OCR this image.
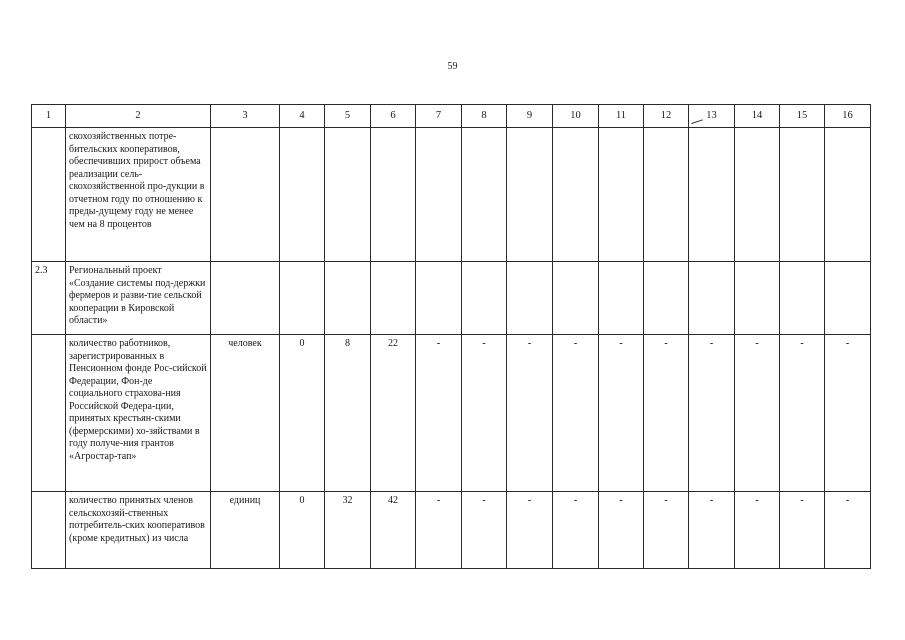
59
1	2	3	4	5	6	7	8	9	10	11	12	13	14	15	16
	скохозяйственных потре-бительских кооперативов, обеспечивших прирост объема реализации сель-скохозяйственной про-дукции в отчетном году по отношению к преды-дущему году не менее чем на 8 процентов														
2.3	Региональный проект «Создание системы под-держки фермеров и разви-тие сельской кооперации в Кировской области»														
	количество работников, зарегистрированных в Пенсионном фонде Рос-сийской Федерации, Фон-де социального страхова-ния Российской Федера-ции, принятых крестьян-скими (фермерскими) хо-зяйствами в году получе-ния грантов «Агростар-тап»	человек	0	8	22	-	-	-	-	-	-	-	-	-	-
	количество принятых членов сельскохозяй-ственных потребитель-ских кооперативов (кроме кредитных) из числа	единиц	0	32	42	-	-	-	-	-	-	-	-	-	-
